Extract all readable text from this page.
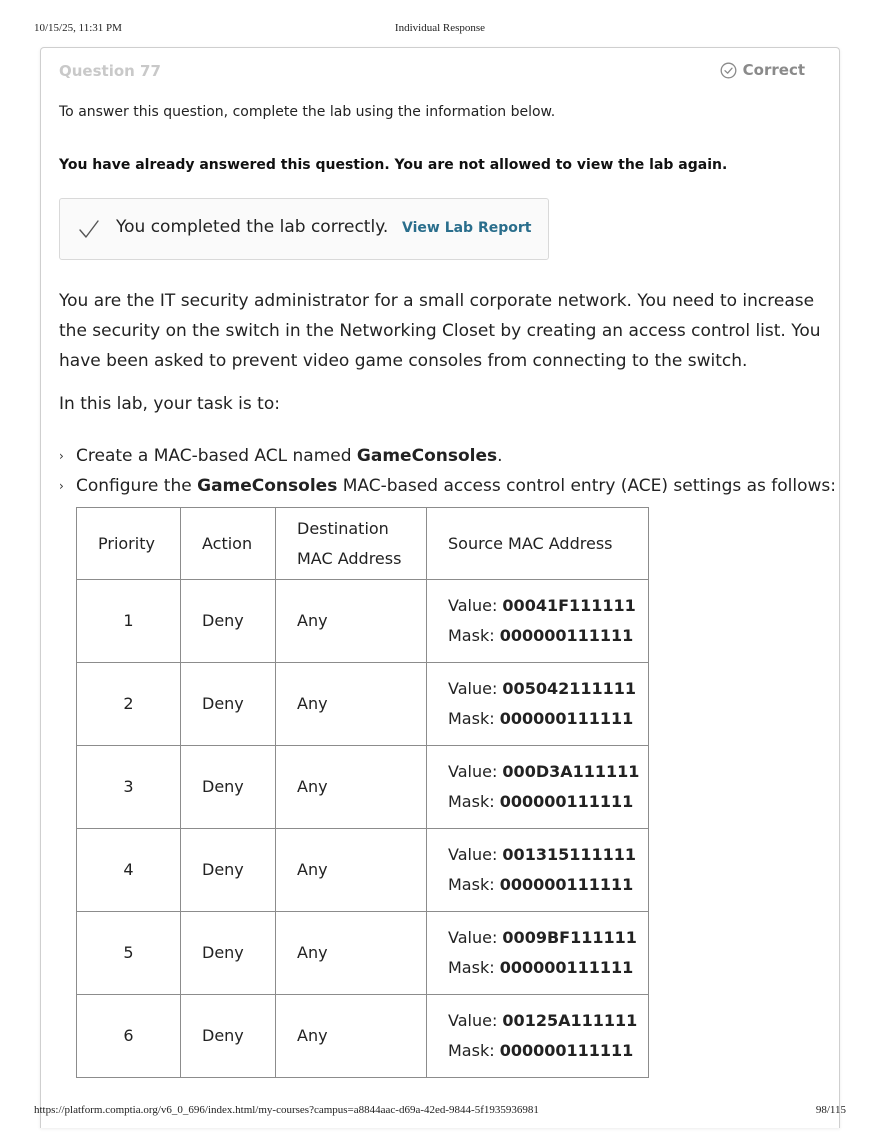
10/15/25, 11:31 PM	Individual Response
Question 77	Correct
To answer this question, complete the lab using the information below.
You have already answered this question. You are not allowed to view the lab again.
You completed the lab correctly. View Lab Report

You are the IT security administrator for a small corporate network. You need to increase the security on the switch in the Networking Closet by creating an access control list. You have been asked to prevent video game consoles from connecting to the switch.

In this lab, your task is to:
› Create a MAC-based ACL named GameConsoles.
› Configure the GameConsoles MAC-based access control entry (ACE) settings as follows:
Priority	Action	Destination MAC Address	Source MAC Address
1	Deny	Any	Value: 00041F111111
Mask: 000000111111

2	Deny	Any	Value: 005042111111
Mask: 000000111111

3	Deny	Any	Value: 000D3A111111
Mask: 000000111111

4	Deny	Any	Value: 001315111111
Mask: 000000111111

5	Deny	Any	Value: 0009BF111111
Mask: 000000111111

6	Deny	Any	Value: 00125A111111
Mask: 000000111111
https://platform.comptia.org/v6_0_696/index.html/my-courses?campus=a8844aac-d69a-42ed-9844-5f1935936981	98/115
